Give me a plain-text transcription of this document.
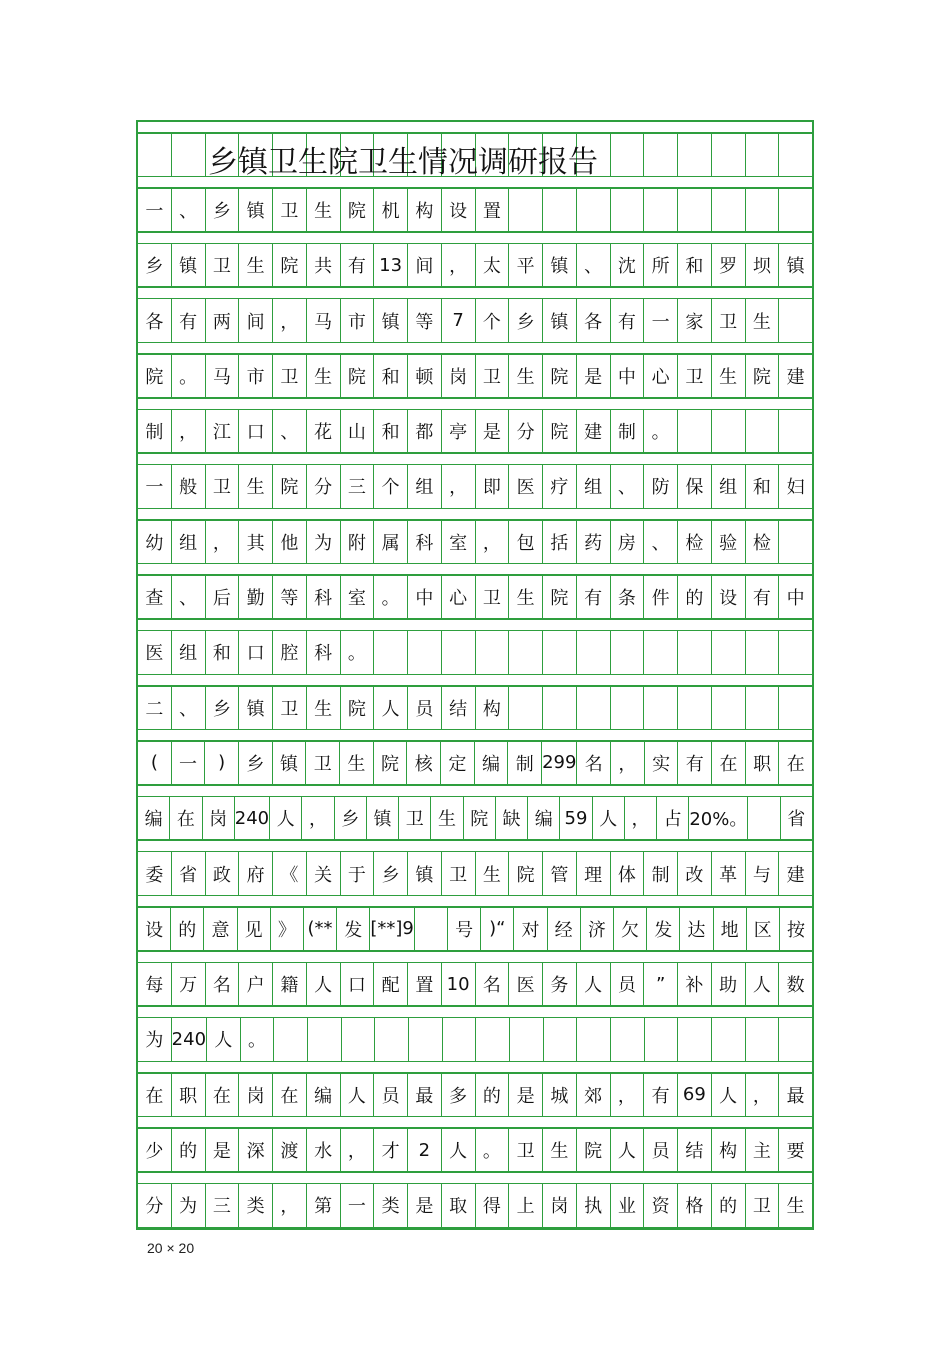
一 、 乡 镇 卫 生 院 机 构 设 置
乡 镇 卫 生 院 共 有 13 间 ， 太 平 镇 、 沈 所 和 罗 坝 镇
各 有 两 间 ， 马 市 镇 等	7	个 乡 镇 各 有 一 家 卫 生
院 。 马 市 卫 生 院 和 顿 岗 卫 生 院 是 中 心 卫 生 院 建
制 ， 江 口 、 花 山 和 都 亭 是 分 院 建 制 。
一 般 卫 生 院 分 三 个 组 ， 即 医 疗 组 、 防 保 组 和 妇
幼 组 ， 其 他 为 附 属 科 室 ， 包 括 药 房 、 检 验 检
查 、 后 勤 等 科 室 。 中 心 卫 生 院 有 条 件 的 设 有 中
医 组 和 口 腔 科 。
二 、 乡 镇 卫 生 院 人 员 结 构
(	一	)	乡 镇 卫 生 院 核 定 编 制 299 名 ， 实 有 在 职 在
编 在 岗 240 人 ， 乡 镇 卫 生 院 缺 编 59 人 ， 占 20%。	省
委 省 政 府 《 关 于 乡 镇 卫 生 院 管 理 体 制 改 革 与 建
设 的 意 见 》 (** 发 [**]9	号 )“ 对 经 济 欠 发 达 地 区 按
每 万 名 户 籍 人 口 配 置 10 名 医 务 人 员	”	补 助 人 数
为 240 人 。
在 职 在 岗 在 编 人 员 最 多 的 是 城 郊 ， 有 69 人 ， 最
少 的 是 深 渡 水 ， 才	2	人 。 卫 生 院 人 员 结 构 主 要
分 为 三 类 ， 第 一 类 是 取 得 上 岗 执 业 资 格 的 卫 生
乡镇卫生院卫生情况调研报告
20 × 20
